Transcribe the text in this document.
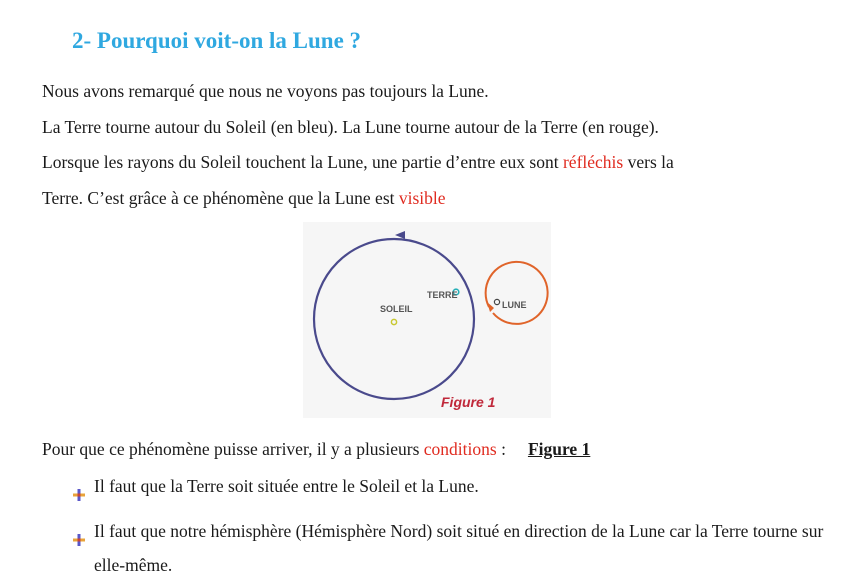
2- Pourquoi voit-on la Lune ?
Nous avons remarqué que nous ne voyons pas toujours la Lune.
La Terre tourne autour du Soleil (en bleu). La Lune tourne autour de la Terre (en rouge).
Lorsque les rayons du Soleil touchent la Lune, une partie d’entre eux sont réfléchis vers la
Terre. C’est grâce à ce phénomène que la Lune est visible
SOLEIL
TERRE
LUNE
Figure 1
Pour que ce phénomène puisse arriver, il y a plusieurs conditions : Figure 1
Il faut que la Terre soit située entre le Soleil et la Lune.
Il faut que notre hémisphère (Hémisphère Nord) soit situé en direction de la Lune car la Terre tourne sur elle-même.
